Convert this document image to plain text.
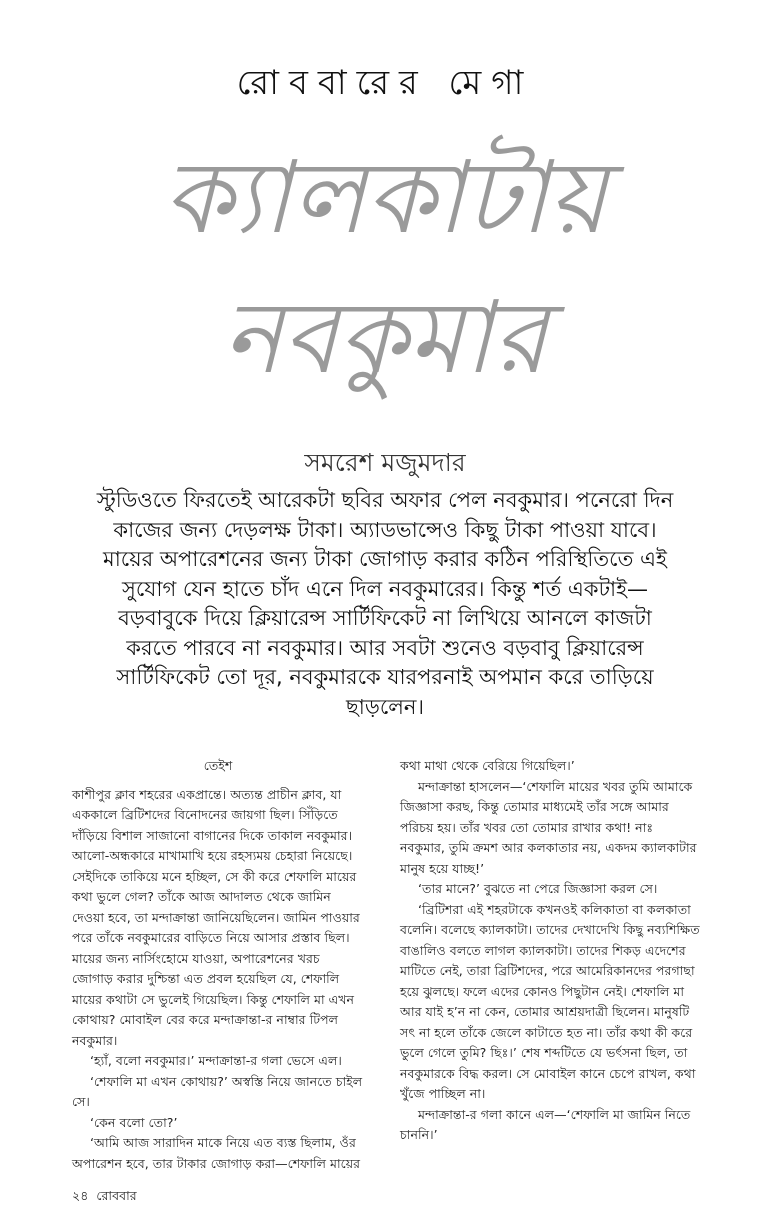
রোববারের মেগা
ক্যালকাটায়
নবকুমার
সমরেশ মজুমদার
স্টুডিওতে ফিরতেই আরেকটা ছবির অফার পেল নবকুমার। পনেরো দিন কাজের জন্য দেড়লক্ষ টাকা। অ্যাডভান্সেও কিছু টাকা পাওয়া যাবে। মায়ের অপারেশনের জন্য টাকা জোগাড় করার কঠিন পরিস্থিতিতে এই সুযোগ যেন হাতে চাঁদ এনে দিল নবকুমারের। কিন্তু শর্ত একটাই—বড়বাবুকে দিয়ে ক্লিয়ারেন্স সার্টিফিকেট না লিখিয়ে আনলে কাজটা করতে পারবে না নবকুমার। আর সবটা শুনেও বড়বাবু ক্লিয়ারেন্স সার্টিফিকেট তো দূর, নবকুমারকে যারপরনাই অপমান করে তাড়িয়ে ছাড়লেন।

তেইশ

কাশীপুর ক্লাব শহরের একপ্রান্তে। অত্যন্ত প্রাচীন ক্লাব, যা এককালে ব্রিটিশদের বিনোদনের জায়গা ছিল। সিঁড়িতে দাঁড়িয়ে বিশাল সাজানো বাগানের দিকে তাকাল নবকুমার। আলো-অন্ধকারে মাখামাখি হয়ে রহস্যময় চেহারা নিয়েছে। সেইদিকে তাকিয়ে মনে হচ্ছিল, সে কী করে শেফালি মায়ের কথা ভুলে গেল? তাঁকে আজ আদালত থেকে জামিন দেওয়া হবে, তা মন্দাক্রান্তা জানিয়েছিলেন। জামিন পাওয়ার পরে তাঁকে নবকুমারের বাড়িতে নিয়ে আসার প্রস্তাব ছিল। মায়ের জন্য নার্সিংহোমে যাওয়া, অপারেশনের খরচ জোগাড় করার দুশ্চিন্তা এত প্রবল হয়েছিল যে, শেফালি মায়ের কথাটা সে ভুলেই গিয়েছিল। কিন্তু শেফালি মা এখন কোথায়? মোবাইল বের করে মন্দাক্রান্তা-র নাম্বার টিপল নবকুমার।

‘হ্যাঁ, বলো নবকুমার।’ মন্দাক্রান্তা-র গলা ভেসে এল।

‘শেফালি মা এখন কোথায়?’ অস্বস্তি নিয়ে জানতে চাইল সে।

‘কেন বলো তো?’

‘আমি আজ সারাদিন মাকে নিয়ে এত ব্যস্ত ছিলাম, ওঁর অপারেশন হবে, তার টাকার জোগাড় করা—শেফালি মায়ের

২৪ রোববার

কথা মাথা থেকে বেরিয়ে গিয়েছিল।’

মন্দাক্রান্তা হাসলেন—‘শেফালি মায়ের খবর তুমি আমাকে জিজ্ঞাসা করছ, কিন্তু তোমার মাধ্যমেই তাঁর সঙ্গে আমার পরিচয় হয়। তাঁর খবর তো তোমার রাখার কথা! নাঃ নবকুমার, তুমি ক্রমশ আর কলকাতার নয়, একদম ক্যালকাটার মানুষ হয়ে যাচ্ছ!’

‘তার মানে?’ বুঝতে না পেরে জিজ্ঞাসা করল সে।

‘ব্রিটিশরা এই শহরটাকে কখনওই কলিকাতা বা কলকাতা বলেনি। বলেছে ক্যালকাটা। তাদের দেখাদেখি কিছু নব্যশিক্ষিত বাঙালিও বলতে লাগল ক্যালকাটা। তাদের শিকড় এদেশের মাটিতে নেই, তারা ব্রিটিশদের, পরে আমেরিকানদের পরগাছা হয়ে ঝুলছে। ফলে এদের কোনও পিছুটান নেই। শেফালি মা আর যাই হ’ন না কেন, তোমার আশ্রয়দাত্রী ছিলেন। মানুষটি সৎ না হলে তাঁকে জেলে কাটাতে হত না। তাঁর কথা কী করে ভুলে গেলে তুমি? ছিঃ।’ শেষ শব্দটিতে যে ভর্ৎসনা ছিল, তা নবকুমারকে বিদ্ধ করল। সে মোবাইল কানে চেপে রাখল, কথা খুঁজে পাচ্ছিল না।

মন্দাক্রান্তা-র গলা কানে এল—‘শেফালি মা জামিন নিতে চাননি।’
